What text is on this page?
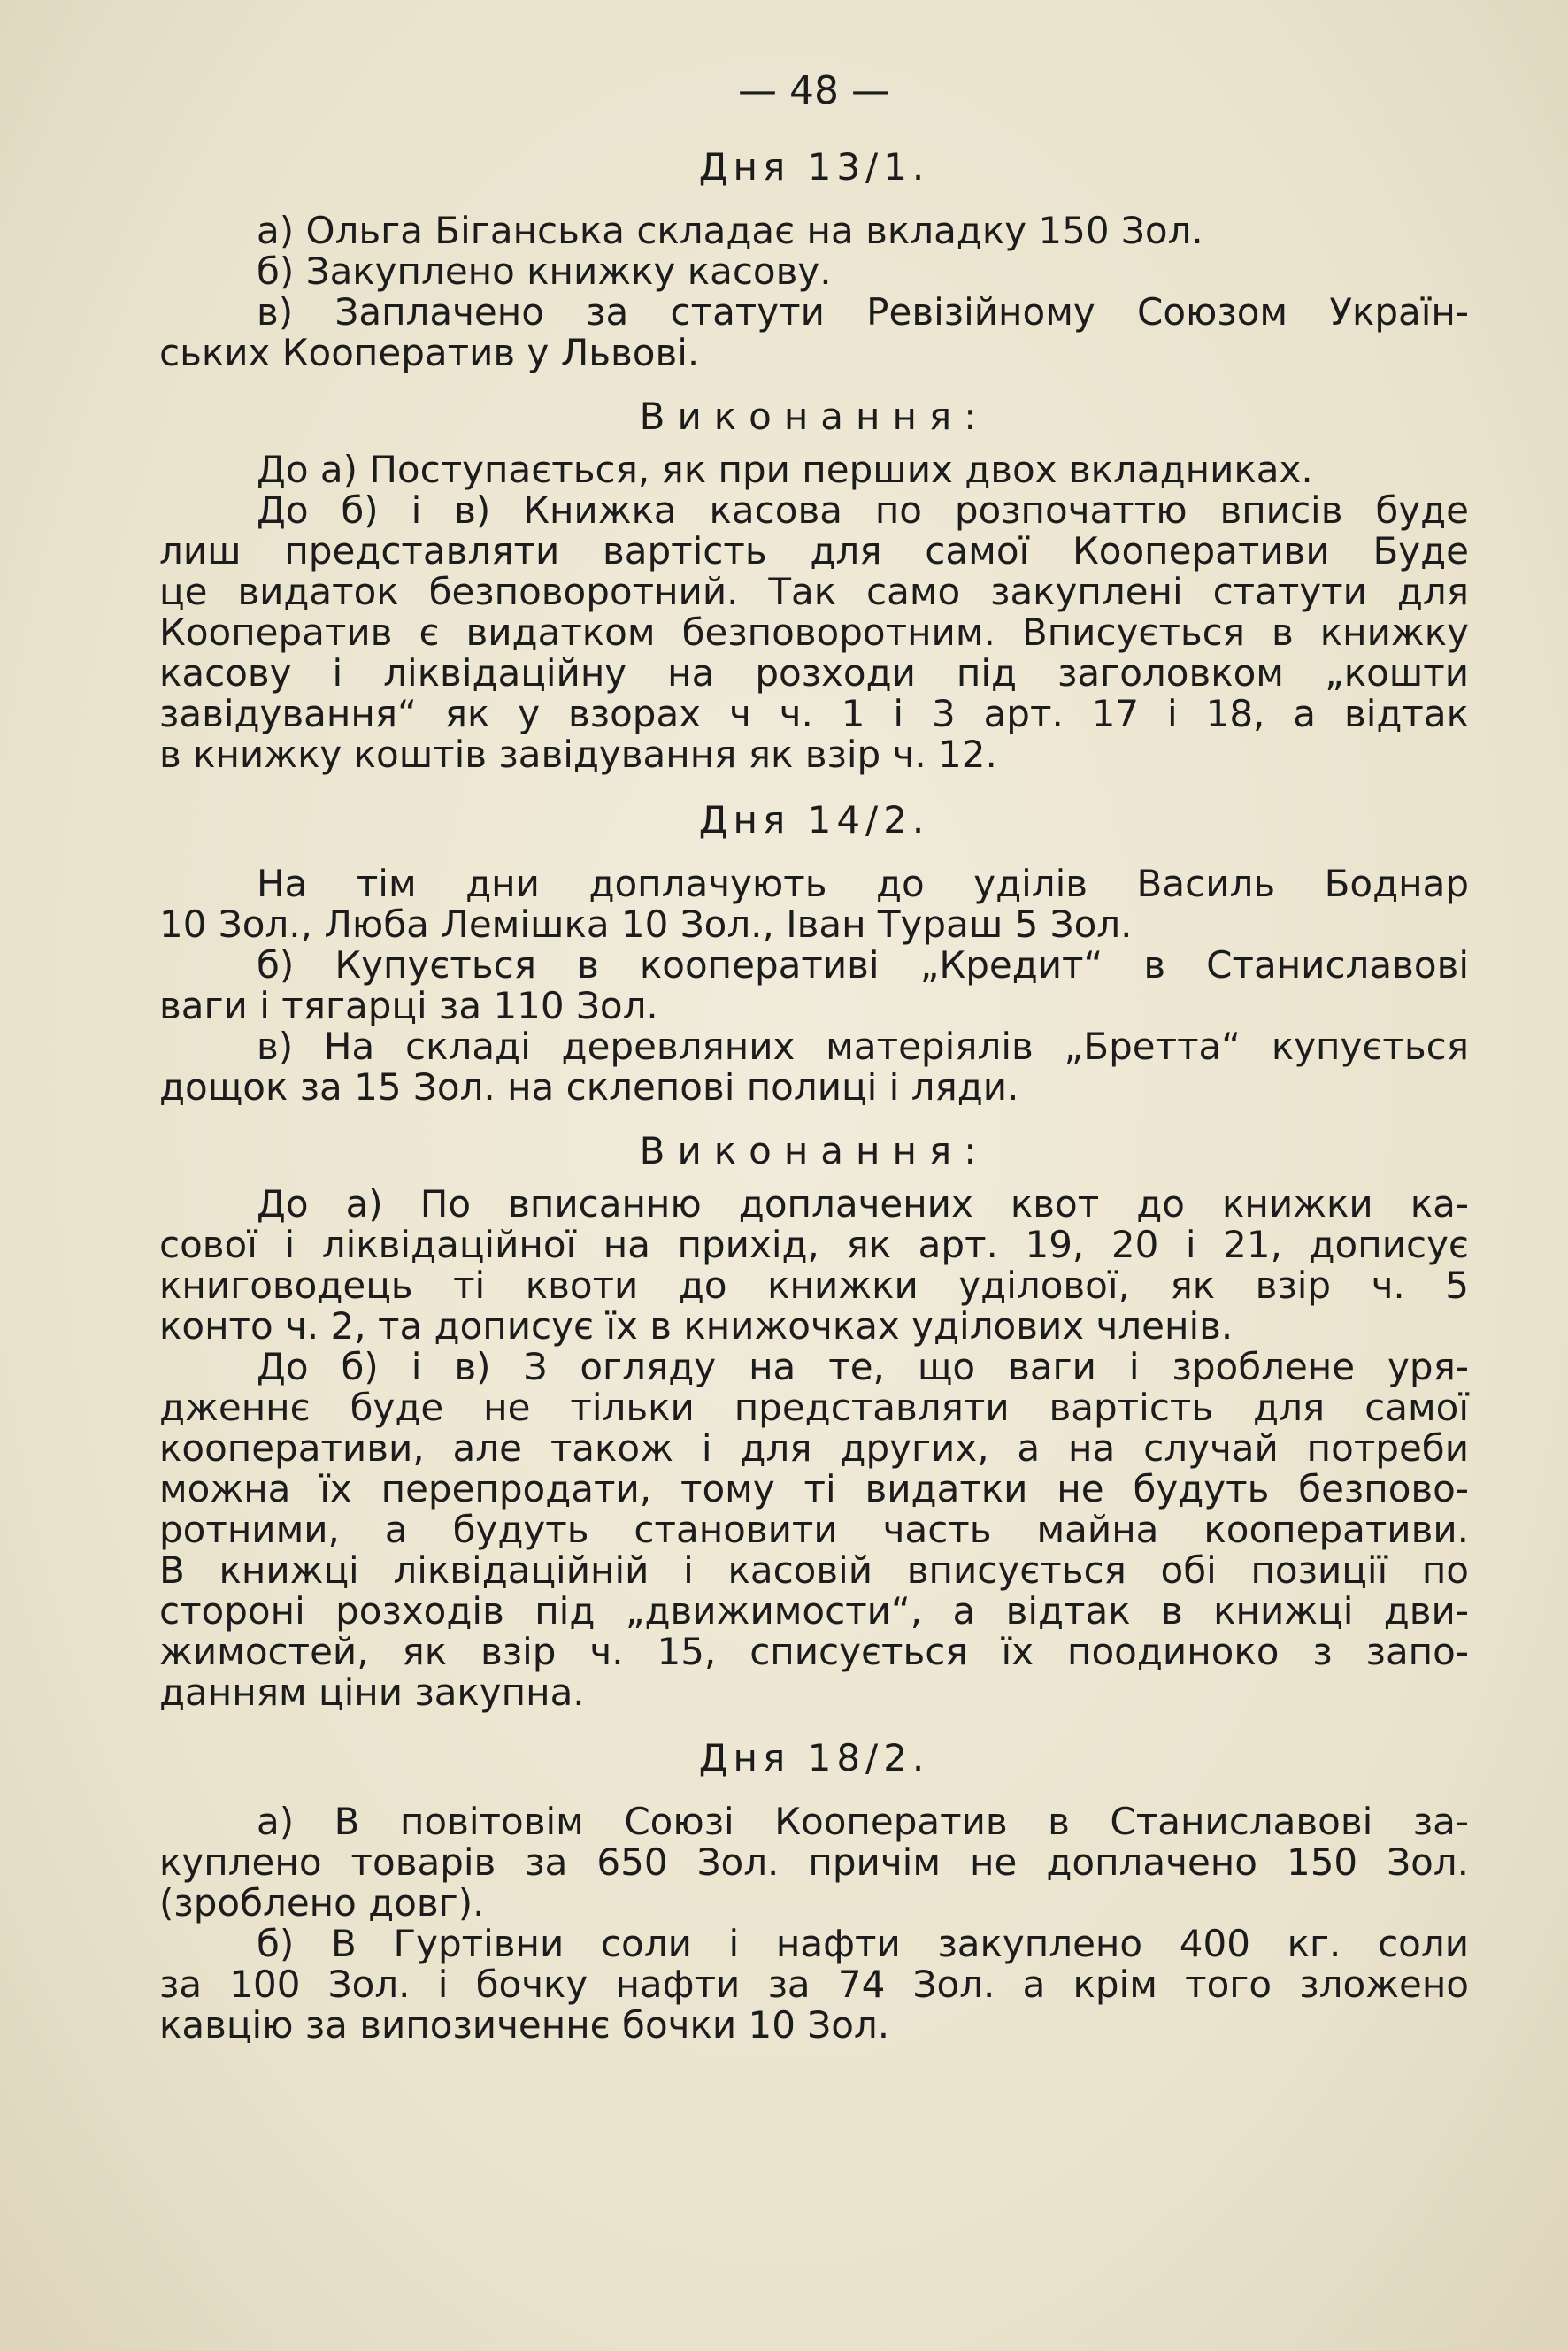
— 48 —
Дня 13/1.
а) Ольга Біганська складає на вкладку 150 Зол.
б) Закуплено книжку касову.
в) Заплачено за статути Ревізійному Союзом Україн-
ських Кооператив у Львові.
Виконання:
До а) Поступається, як при перших двох вкладниках.
До б) і в) Книжка касова по розпочаттю вписів буде
лиш представляти вартість для самої Кооперативи Буде
це видаток безповоротний. Так само закуплені статути для
Кооператив є видатком безповоротним. Вписується в книжку
касову і ліквідаційну на розходи під заголовком „кошти
завідування“ як у взорах ч ч. 1 і 3 арт. 17 і 18, а відтак
в книжку коштів завідування як взір ч. 12.
Дня 14/2.
На тім дни доплачують до уділів Василь Боднар
10 Зол., Люба Лемішка 10 Зол., Іван Тураш 5 Зол.
б) Купується в кооперативі „Кредит“ в Станиславові
ваги і тягарці за 110 Зол.
в) На складі деревляних матеріялів „Бретта“ купується
дощок за 15 Зол. на склепові полиці і ляди.
Виконання:
До а) По вписанню доплачених квот до книжки ка-
сової і ліквідаційної на прихід, як арт. 19, 20 і 21, дописує
книговодець ті квоти до книжки уділової, як взір ч. 5
конто ч. 2, та дописує їх в книжочках уділових членів.
До б) і в) З огляду на те, що ваги і зроблене уря-
дженнє буде не тільки представляти вартість для самої
кооперативи, але також і для других, а на случай потреби
можна їх перепродати, тому ті видатки не будуть безпово-
ротними, а будуть становити часть майна кооперативи.
В книжці ліквідаційній і касовій вписується обі позиції по
стороні розходів під „движимости“, а відтак в книжці дви-
жимостей, як взір ч. 15, списується їх поодиноко з запо-
данням ціни закупна.
Дня 18/2.
а) В повітовім Союзі Кооператив в Станиславові за-
куплено товарів за 650 Зол. причім не доплачено 150 Зол.
(зроблено довг).
б) В Гуртівни соли і нафти закуплено 400 кг. соли
за 100 Зол. і бочку нафти за 74 Зол. а крім того зложено
кавцію за випозиченнє бочки 10 Зол.
